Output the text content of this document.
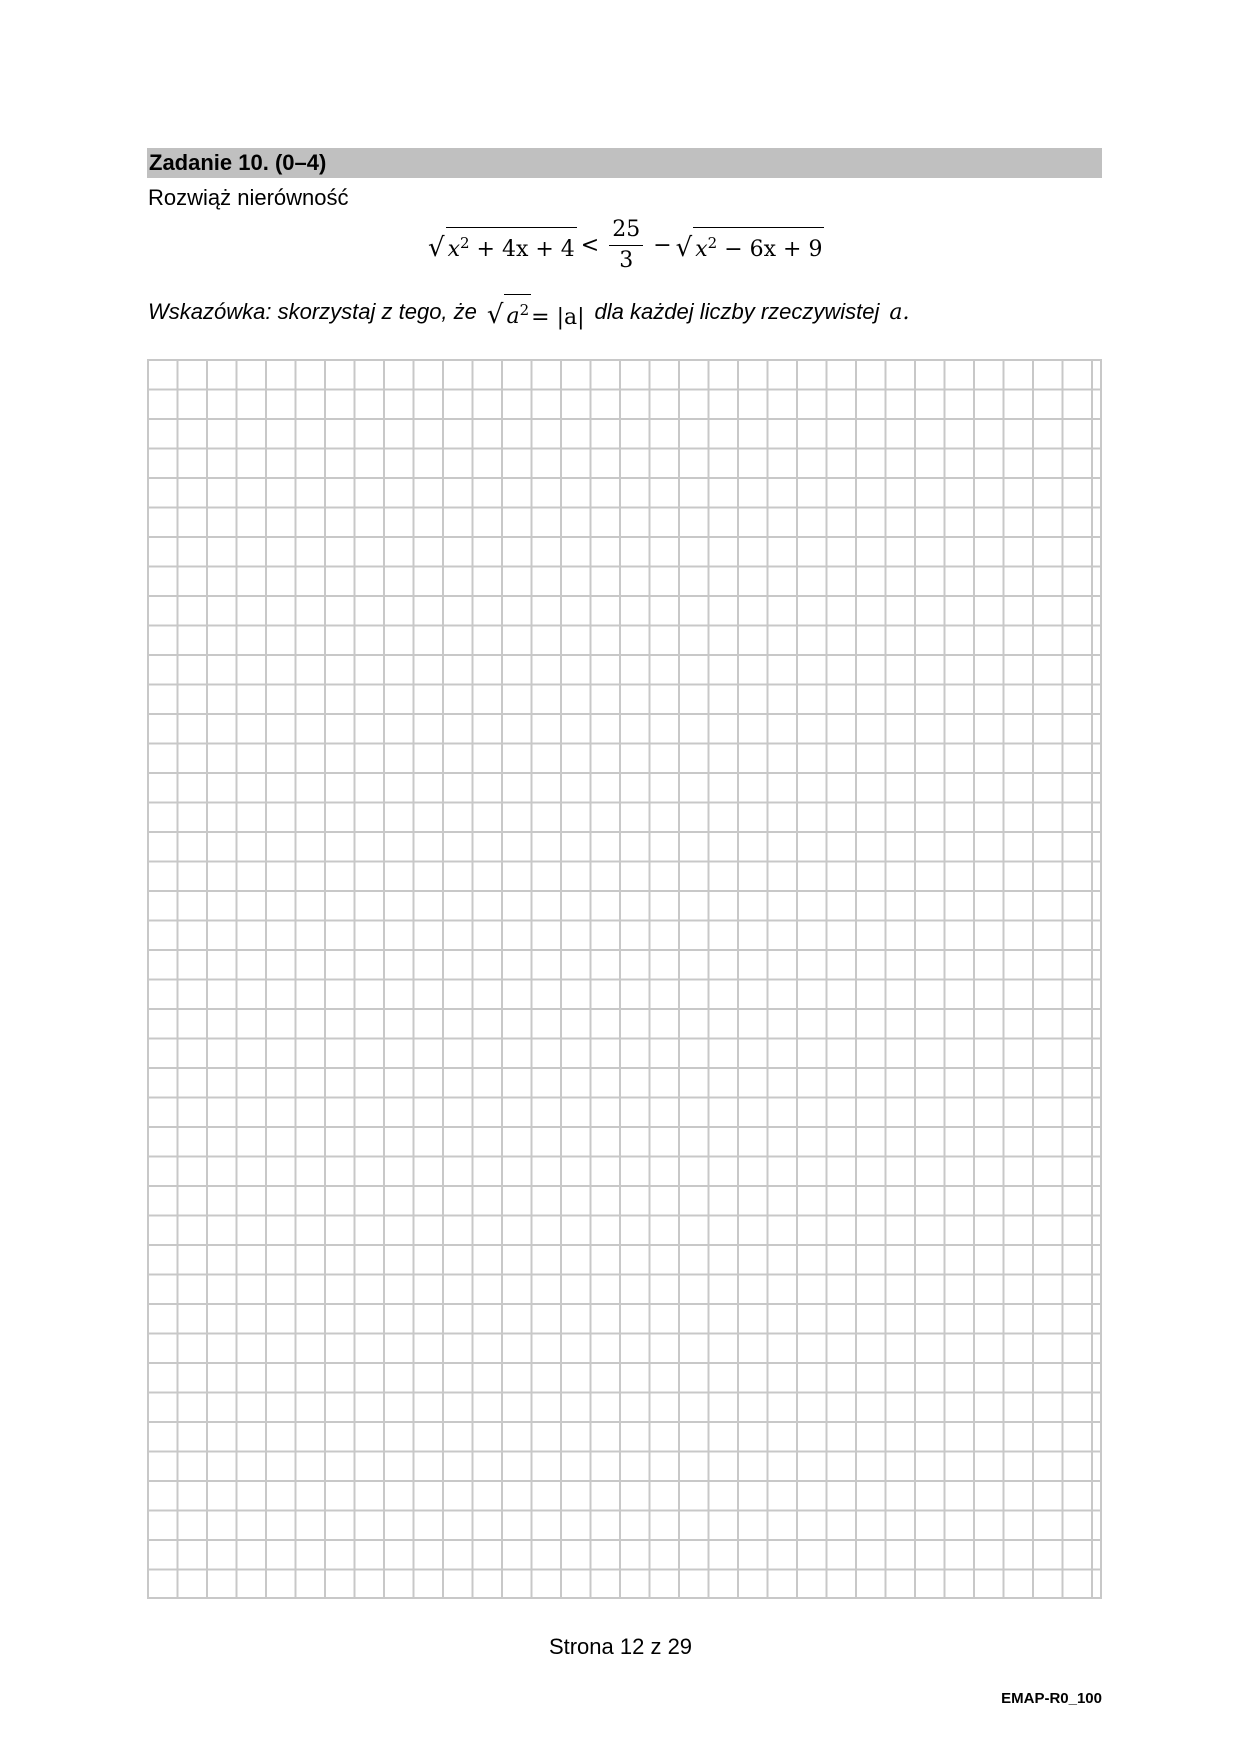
Zadanie 10. (0–4)
Rozwiąż nierówność
√ $x^2 + 4x + 4 < \frac{25}{3}$ − √ $x^2 - 6x + 9$
Wskazówka: skorzystaj z tego, że √ $a^2 = |a|$ dla każdej liczby rzeczywistej a.
Strona 12 z 29
EMAP-R0_100
